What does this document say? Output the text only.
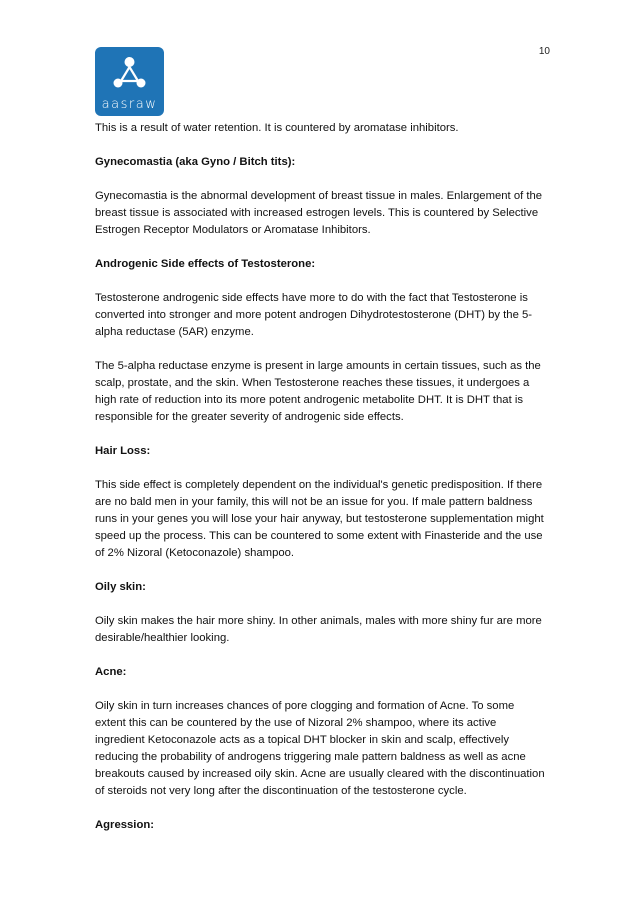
10
aasraw

This is a result of water retention. It is countered by aromatase inhibitors.

Gynecomastia (aka Gyno / Bitch tits):

Gynecomastia is the abnormal development of breast tissue in males. Enlargement of the breast tissue is associated with increased estrogen levels. This is countered by Selective Estrogen Receptor Modulators or Aromatase Inhibitors.

Androgenic Side effects of Testosterone:

Testosterone androgenic side effects have more to do with the fact that Testosterone is converted into stronger and more potent androgen Dihydrotestosterone (DHT) by the 5-alpha reductase (5AR) enzyme.

The 5-alpha reductase enzyme is present in large amounts in certain tissues, such as the scalp, prostate, and the skin. When Testosterone reaches these tissues, it undergoes a high rate of reduction into its more potent androgenic metabolite DHT. It is DHT that is responsible for the greater severity of androgenic side effects.

Hair Loss:

This side effect is completely dependent on the individual's genetic predisposition. If there are no bald men in your family, this will not be an issue for you. If male pattern baldness runs in your genes you will lose your hair anyway, but testosterone supplementation might speed up the process. This can be countered to some extent with Finasteride and the use of 2% Nizoral (Ketoconazole) shampoo.

Oily skin:

Oily skin makes the hair more shiny. In other animals, males with more shiny fur are more desirable/healthier looking.

Acne:

Oily skin in turn increases chances of pore clogging and formation of Acne. To some extent this can be countered by the use of Nizoral 2% shampoo, where its active ingredient Ketoconazole acts as a topical DHT blocker in skin and scalp, effectively reducing the probability of androgens triggering male pattern baldness as well as acne breakouts caused by increased oily skin. Acne are usually cleared with the discontinuation of steroids not very long after the discontinuation of the testosterone cycle.

Agression:
